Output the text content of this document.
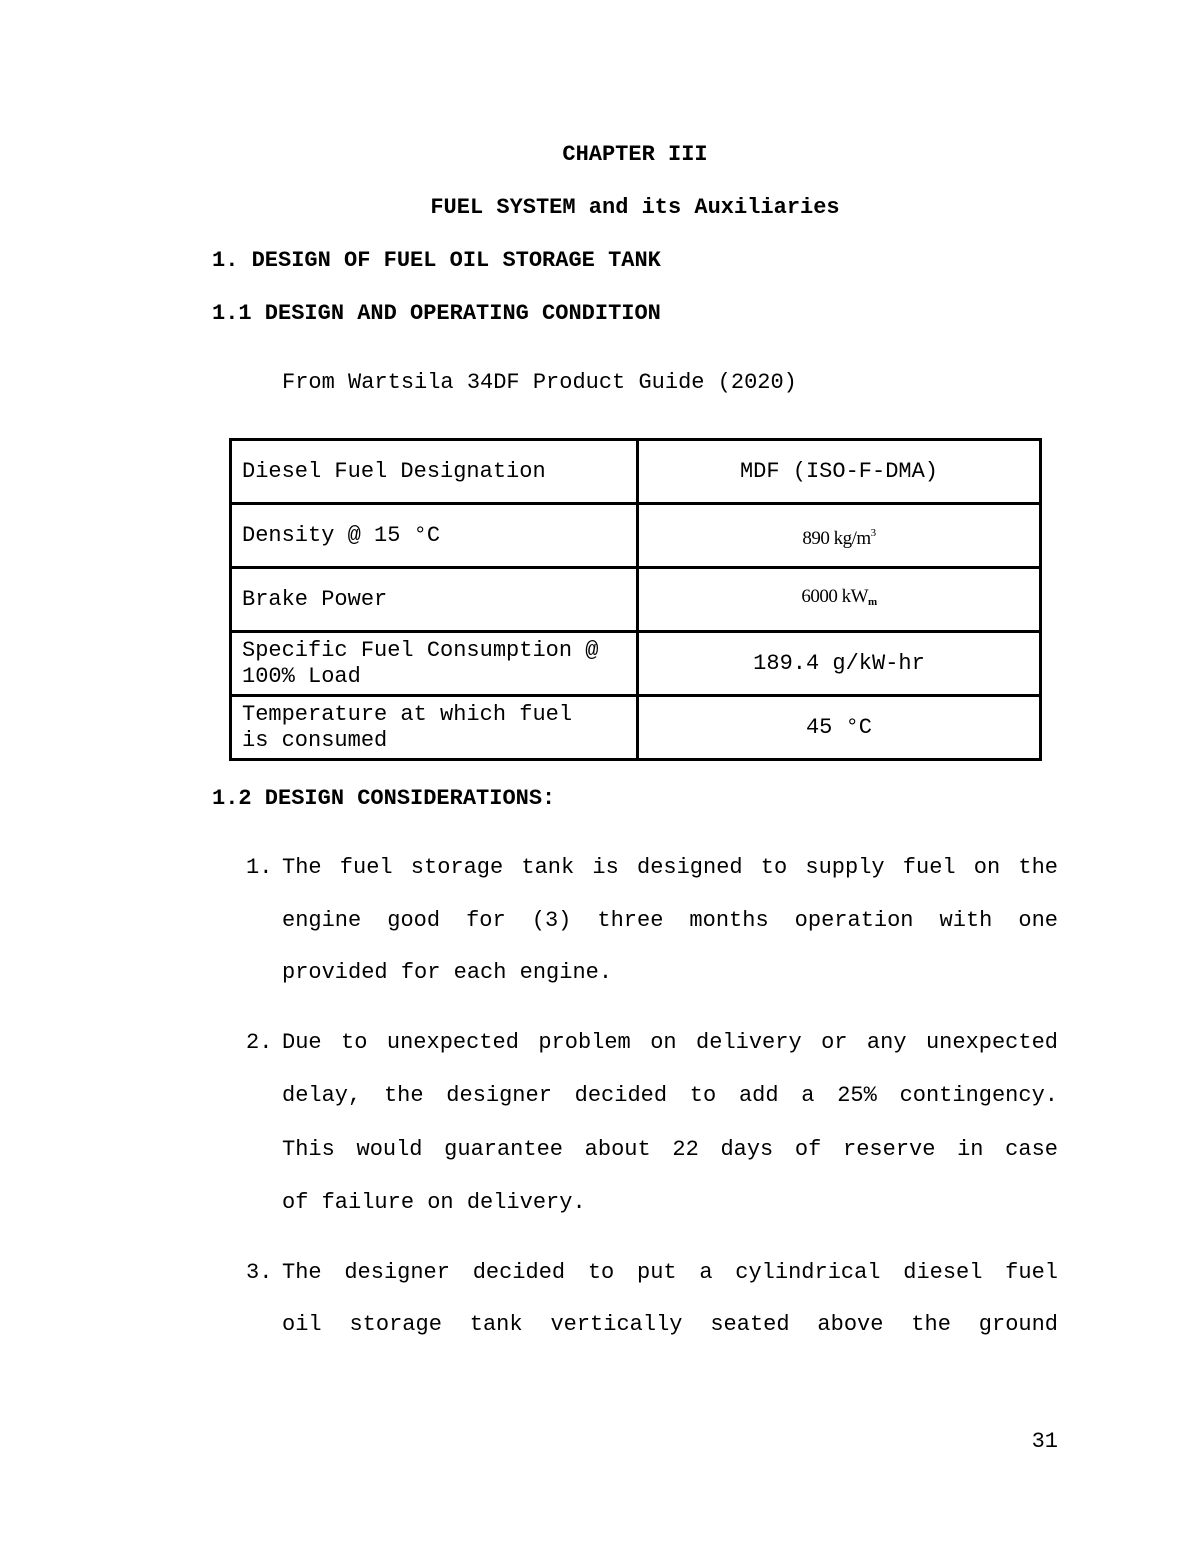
CHAPTER III
FUEL SYSTEM and its Auxiliaries
1. DESIGN OF FUEL OIL STORAGE TANK
1.1 DESIGN AND OPERATING CONDITION
From Wartsila 34DF Product Guide (2020)
Diesel Fuel Designation	MDF (ISO-F-DMA)
Density @ 15 °C	890 $kg/m^3$
Brake Power	6000 $kW_m$

Specific Fuel Consumption @
100% Load	189.4 g/kW-hr

Temperature at which fuel
is consumed	45 °C
1.2 DESIGN CONSIDERATIONS:
1. The fuel storage tank is designed to supply fuel on the
engine good for (3) three months operation with one
provided for each engine.
2. Due to unexpected problem on delivery or any unexpected
delay, the designer decided to add a 25% contingency.
This would guarantee about 22 days of reserve in case
of failure on delivery.
3. The designer decided to put a cylindrical diesel fuel
oil storage tank vertically seated above the ground
31
